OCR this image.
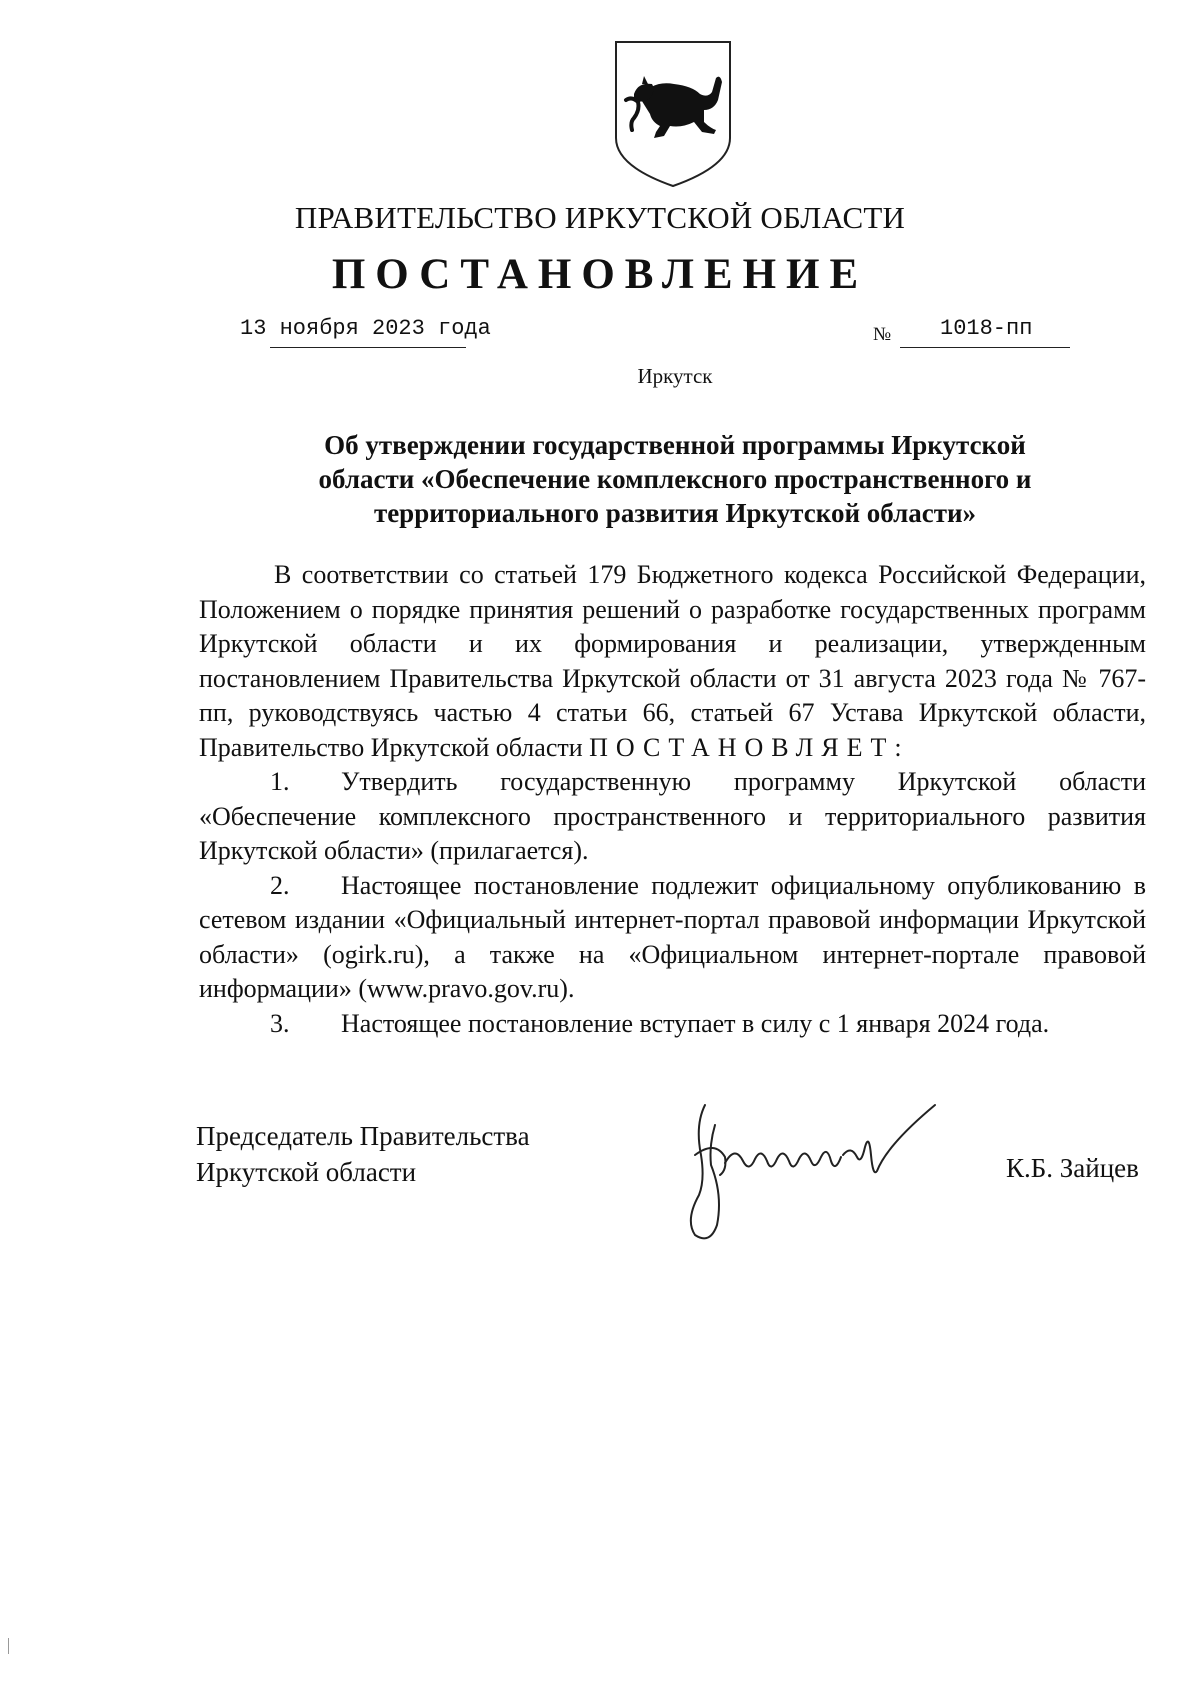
ПРАВИТЕЛЬСТВО ИРКУТСКОЙ ОБЛАСТИ
ПОСТАНОВЛЕНИЕ
13 ноября 2023 года	№ 1018-пп
Иркутск
Об утверждении государственной программы Иркутской
области «Обеспечение комплексного пространственного и
территориального развития Иркутской области»

В соответствии со статьей 179 Бюджетного кодекса Российской Федерации, Положением о порядке принятия решений о разработке государственных программ Иркутской области и их формирования и реализации, утвержденным постановлением Правительства Иркутской области от 31 августа 2023 года № 767-пп, руководствуясь частью 4 статьи 66, статьей 67 Устава Иркутской области, Правительство Иркутской области ПОСТАНОВЛЯЕТ:

1. Утвердить государственную программу Иркутской области «Обеспечение комплексного пространственного и территориального развития Иркутской области» (прилагается).

2. Настоящее постановление подлежит официальному опубликованию в сетевом издании «Официальный интернет-портал правовой информации Иркутской области» (ogirk.ru), а также на «Официальном интернет-портале правовой информации» (www.pravo.gov.ru).

3. Настоящее постановление вступает в силу с 1 января 2024 года.

Председатель Правительства
Иркутской области	К.Б. Зайцев
